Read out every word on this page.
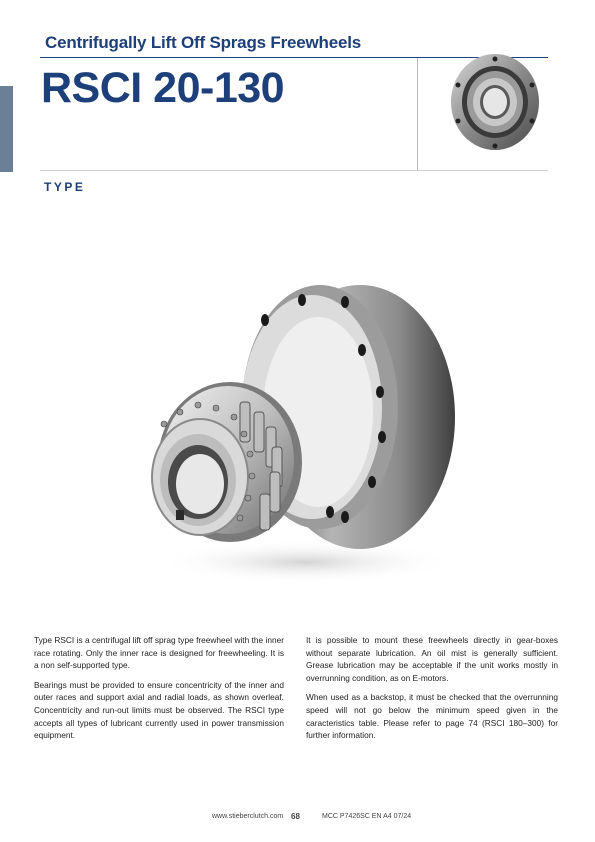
Centrifugally Lift Off Sprags Freewheels
RSCI 20-130
TYPE

Type RSCI is a centrifugal lift off sprag type freewheel with the inner race rotating. Only the inner race is designed for freewheeling. It is a non self-supported type.

Bearings must be provided to ensure concentricity of the inner and outer races and support axial and radial loads, as shown overleaf. Concentricity and run-out limits must be observed. The RSCI type accepts all types of lubricant currently used in power transmission equipment.

It is possible to mount these freewheels directly in gear-boxes without separate lubrication. An oil mist is generally sufficient. Grease lubrication may be acceptable if the unit works mostly in overrunning condition, as on E-motors.

When used as a backstop, it must be checked that the overrunning speed will not go below the minimum speed given in the caracteristics table. Please refer to page 74 (RSCI 180–300) for further information.

www.stieberclutch.com 68	MCC P7426SC EN A4 07/24
